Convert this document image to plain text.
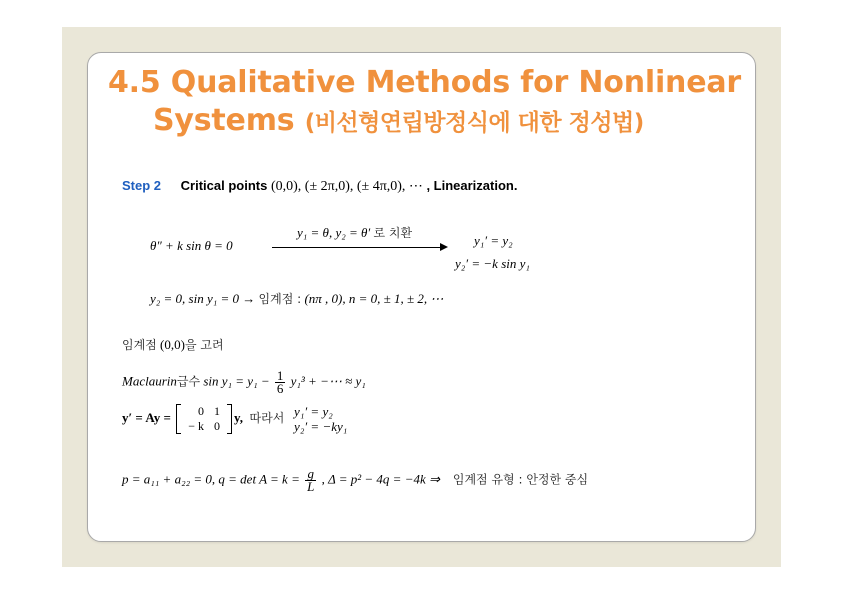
4.5 Qualitative Methods for Nonlinear
Systems (비선형연립방정식에 대한 정성법)
Step 2 Critical points (0,0), (± 2π,0), (± 4π,0), ⋯ , Linearization.
θ″ + k sin θ = 0
y₁ = θ, y₂ = θ′ 로 치환	y₁′ = y₂
y₂′ = −k sin y₁
y₂ = 0, sin y₁ = 0 → 임계점 : (nπ , 0), n = 0, ± 1, ± 2, ⋯
임계점 (0,0)을 고려
Maclaurin급수 $\sin y_1 = y_1 - \frac{1}{6} y_1^3$ + −⋯ ≈ y₁
y′ = Ay = 0	1
− k	0
y, 따라서 y₁′ = y₂
y₂′ = −ky₁
p = a₁₁ + a₂₂ = 0, $q = \det A = k = \frac{g}{L}$ , Δ = p² − 4q = −4k ⇒ 임계점 유형 : 안정한 중심
